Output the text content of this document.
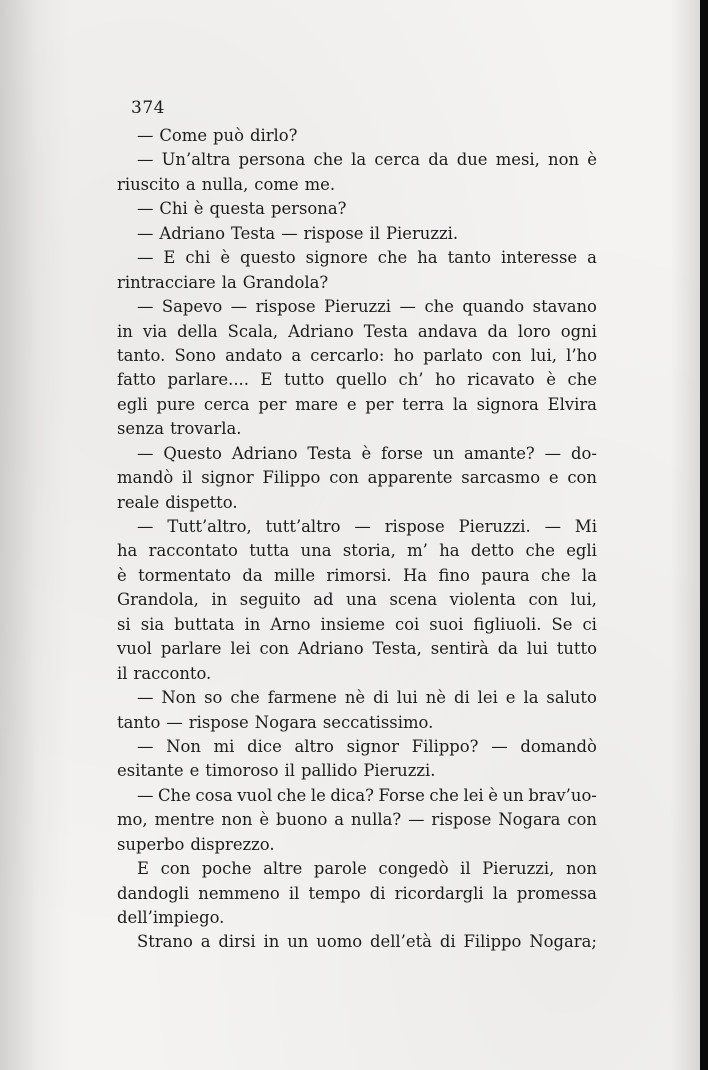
374
— Come può dirlo?
— Un’altra persona che la cerca da due mesi, non è
riuscito a nulla, come me.
— Chi è questa persona?
— Adriano Testa — rispose il Pieruzzi.
— E chi è questo signore che ha tanto interesse a
rintracciare la Grandola?
— Sapevo — rispose Pieruzzi — che quando stavano
in via della Scala, Adriano Testa andava da loro ogni
tanto. Sono andato a cercarlo: ho parlato con lui, l’ho
fatto parlare.... E tutto quello ch’ ho ricavato è che
egli pure cerca per mare e per terra la signora Elvira
senza trovarla.
— Questo Adriano Testa è forse un amante? — do-
mandò il signor Filippo con apparente sarcasmo e con
reale dispetto.
— Tutt’altro, tutt’altro — rispose Pieruzzi. — Mi
ha raccontato tutta una storia, m’ ha detto che egli
è tormentato da mille rimorsi. Ha fino paura che la
Grandola, in seguito ad una scena violenta con lui,
si sia buttata in Arno insieme coi suoi figliuoli. Se ci
vuol parlare lei con Adriano Testa, sentirà da lui tutto
il racconto.
— Non so che farmene nè di lui nè di lei e la saluto
tanto — rispose Nogara seccatissimo.
— Non mi dice altro signor Filippo? — domandò
esitante e timoroso il pallido Pieruzzi.
— Che cosa vuol che le dica? Forse che lei è un brav’uo-
mo, mentre non è buono a nulla? — rispose Nogara con
superbo disprezzo.
E con poche altre parole congedò il Pieruzzi, non
dandogli nemmeno il tempo di ricordargli la promessa
dell’impiego.
Strano a dirsi in un uomo dell’età di Filippo Nogara;
